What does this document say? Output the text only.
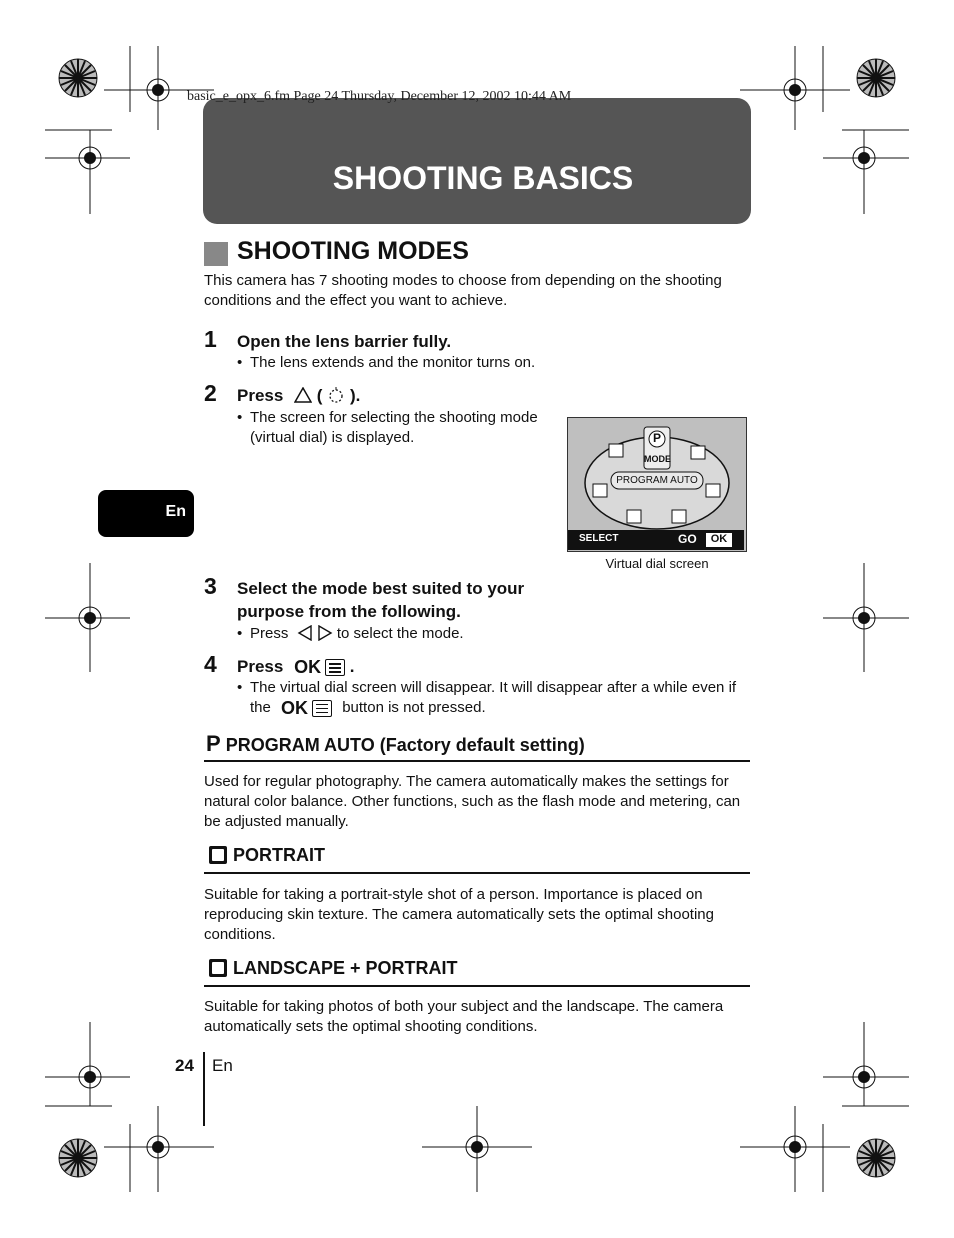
basic_e_opx_6.fm Page 24 Thursday, December 12, 2002 10:44 AM
SHOOTING BASICS
SHOOTING MODES
This camera has 7 shooting modes to choose from depending on the shooting conditions and the effect you want to achieve.
En
1 Open the lens barrier fully.
• The lens extends and the monitor turns on.
2 Press ( ).
• The screen for selecting the shooting mode (virtual dial) is displayed.	P
MODE
PROGRAM AUTO
SELECT	GO	OK
Virtual dial screen
3 Select the mode best suited to your purpose from the following.
• Press	to select the mode.
4 Press OK .
• The virtual dial screen will disappear. It will disappear after a while even if the OK button is not pressed.
P PROGRAM AUTO (Factory default setting)
Used for regular photography. The camera automatically makes the settings for natural color balance. Other functions, such as the flash mode and metering, can be adjusted manually.
PORTRAIT
Suitable for taking a portrait-style shot of a person. Importance is placed on reproducing skin texture. The camera automatically sets the optimal shooting conditions.
LANDSCAPE + PORTRAIT
Suitable for taking photos of both your subject and the landscape. The camera automatically sets the optimal shooting conditions.
24 En
